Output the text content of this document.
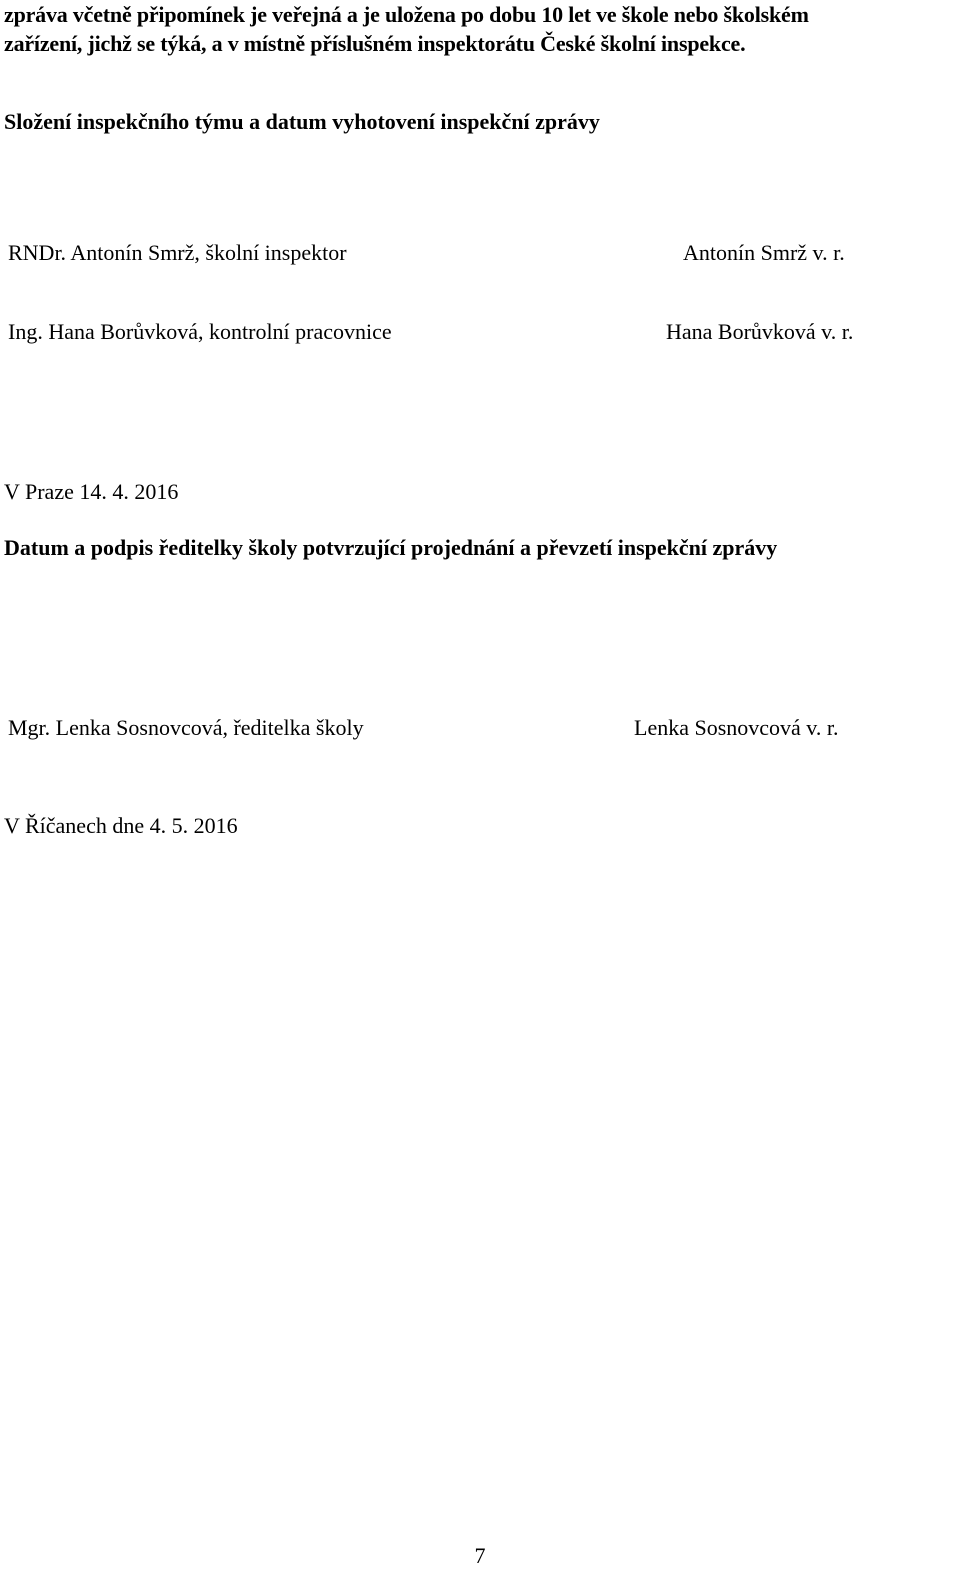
zpráva včetně připomínek je veřejná a je uložena po dobu 10 let ve škole nebo školském
zařízení, jichž se týká, a v místně příslušném inspektorátu České školní inspekce.
Složení inspekčního týmu a datum vyhotovení inspekční zprávy
RNDr. Antonín Smrž, školní inspektor	Antonín Smrž v. r.
Ing. Hana Borůvková, kontrolní pracovnice	Hana Borůvková v. r.
V Praze 14. 4. 2016
Datum a podpis ředitelky školy potvrzující projednání a převzetí inspekční zprávy
Mgr. Lenka Sosnovcová, ředitelka školy	Lenka Sosnovcová v. r.
V Říčanech dne 4. 5. 2016
7
